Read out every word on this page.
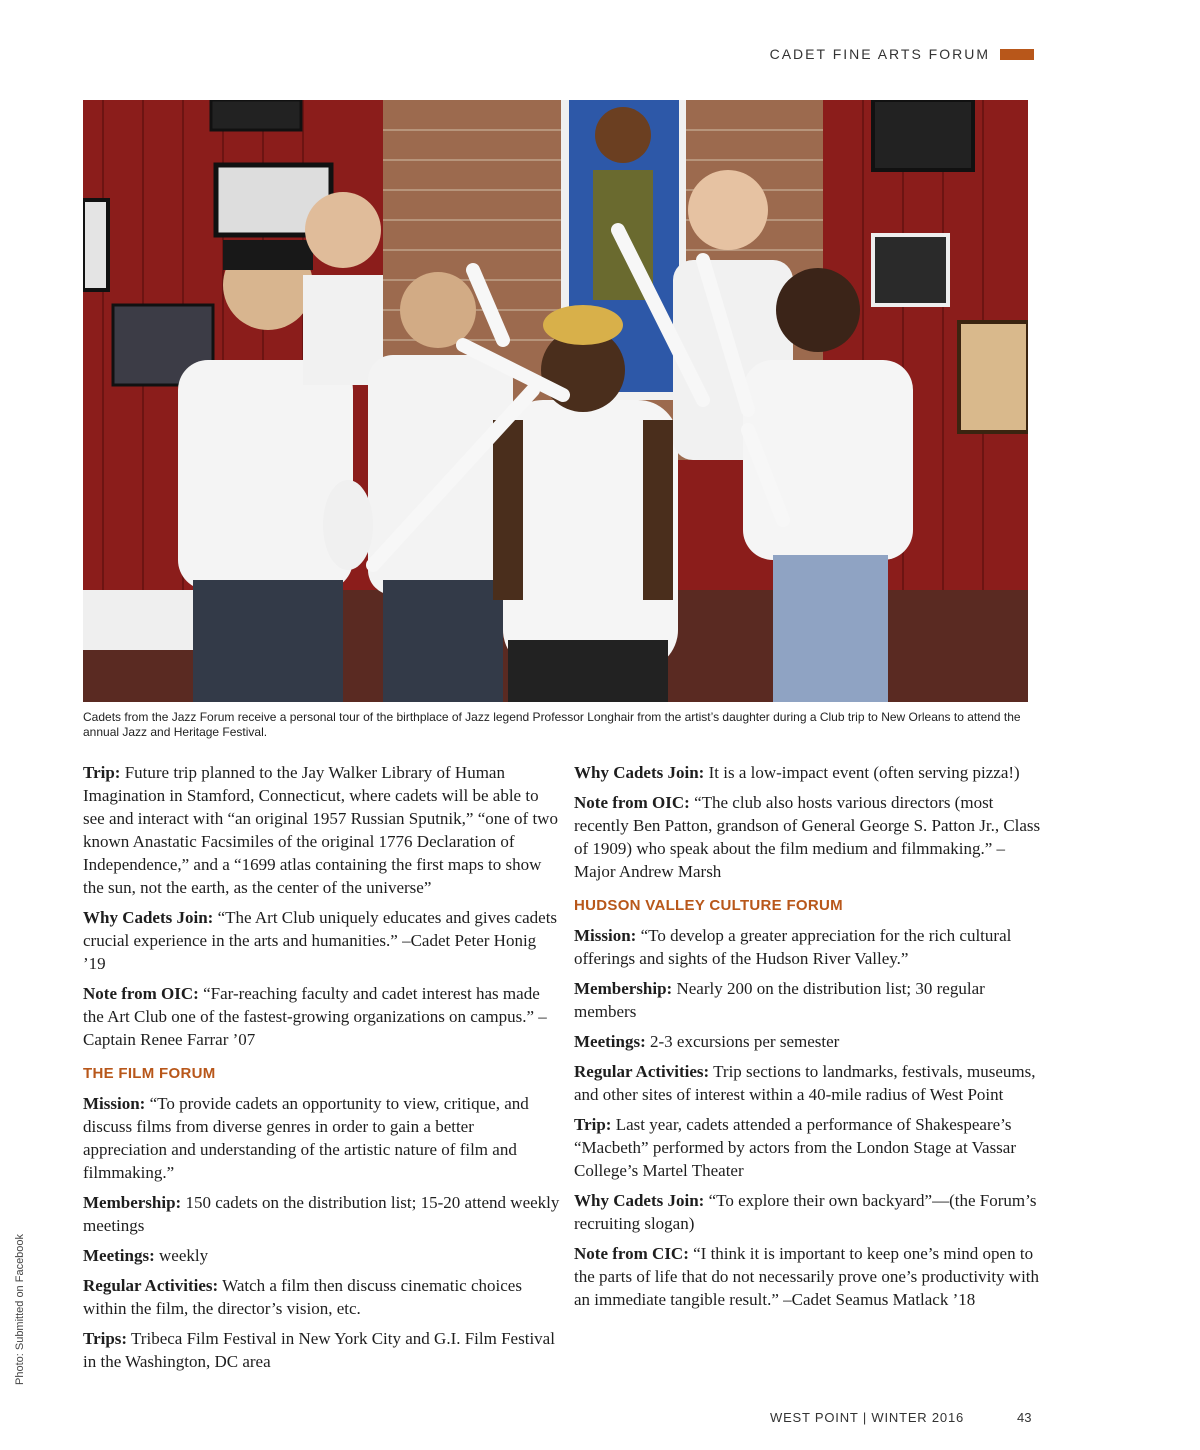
CADET FINE ARTS FORUM
Cadets from the Jazz Forum receive a personal tour of the birthplace of Jazz legend Professor Longhair from the artist’s daughter during a Club trip to New Orleans to attend the annual Jazz and Heritage Festival.
Photo: Submitted on Facebook

Trip: Future trip planned to the Jay Walker Library of Human Imagination in Stamford, Connecticut, where cadets will be able to see and interact with “an original 1957 Russian Sputnik,” “one of two known Anastatic Facsimiles of the original 1776 Declaration of Independence,” and a “1699 atlas containing the first maps to show the sun, not the earth, as the center of the universe”

Why Cadets Join: “The Art Club uniquely educates and gives cadets crucial experience in the arts and humanities.” –Cadet Peter Honig ’19

Note from OIC: “Far-reaching faculty and cadet interest has made the Art Club one of the fastest-growing organizations on campus.” –Captain Renee Farrar ’07

THE FILM FORUM

Mission: “To provide cadets an opportunity to view, critique, and discuss films from diverse genres in order to gain a better appreciation and understanding of the artistic nature of film and filmmaking.”

Membership: 150 cadets on the distribution list; 15-20 attend weekly meetings

Meetings: weekly

Regular Activities: Watch a film then discuss cinematic choices within the film, the director’s vision, etc.

Trips: Tribeca Film Festival in New York City and G.I. Film Festival in the Washington, DC area

Why Cadets Join: It is a low-impact event (often serving pizza!)

Note from OIC: “The club also hosts various directors (most recently Ben Patton, grandson of General George S. Patton Jr., Class of 1909) who speak about the film medium and filmmaking.” –Major Andrew Marsh

HUDSON VALLEY CULTURE FORUM

Mission: “To develop a greater appreciation for the rich cultural offerings and sights of the Hudson River Valley.”

Membership: Nearly 200 on the distribution list; 30 regular members

Meetings: 2-3 excursions per semester

Regular Activities: Trip sections to landmarks, festivals, museums, and other sites of interest within a 40-mile radius of West Point

Trip: Last year, cadets attended a performance of Shakespeare’s “Macbeth” performed by actors from the London Stage at Vassar College’s Martel Theater

Why Cadets Join: “To explore their own backyard”—(the Forum’s recruiting slogan)

Note from CIC: “I think it is important to keep one’s mind open to the parts of life that do not necessarily prove one’s productivity with an immediate tangible result.” –Cadet Seamus Matlack ’18

WEST POINT | WINTER 2016	43
